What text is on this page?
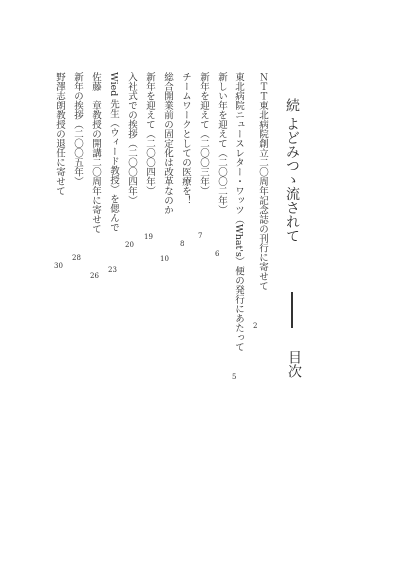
続 よどみつゝ流されて
目次
ＮＴＴ東北病院創立二〇周年記念誌の刊行に寄せて
2
東北病院ニュースレター・ワッツ（What's）便の発行にあたって
5
新しい年を迎えて（二〇〇二年）
6
新年を迎えて（二〇〇三年）
7
チームワークとしての医療を！
8
総合開業前の固定化は改革なのか
10
新年を迎えて（二〇〇四年）
19
入社式での挨拶（二〇〇四年）
20
Wied 先生（ウィード教授）を偲んで
23
佐藤　章教授の開講二〇周年に寄せて
26
新年の挨拶（二〇〇五年）
28
野澤志朗教授の退任に寄せて
30
